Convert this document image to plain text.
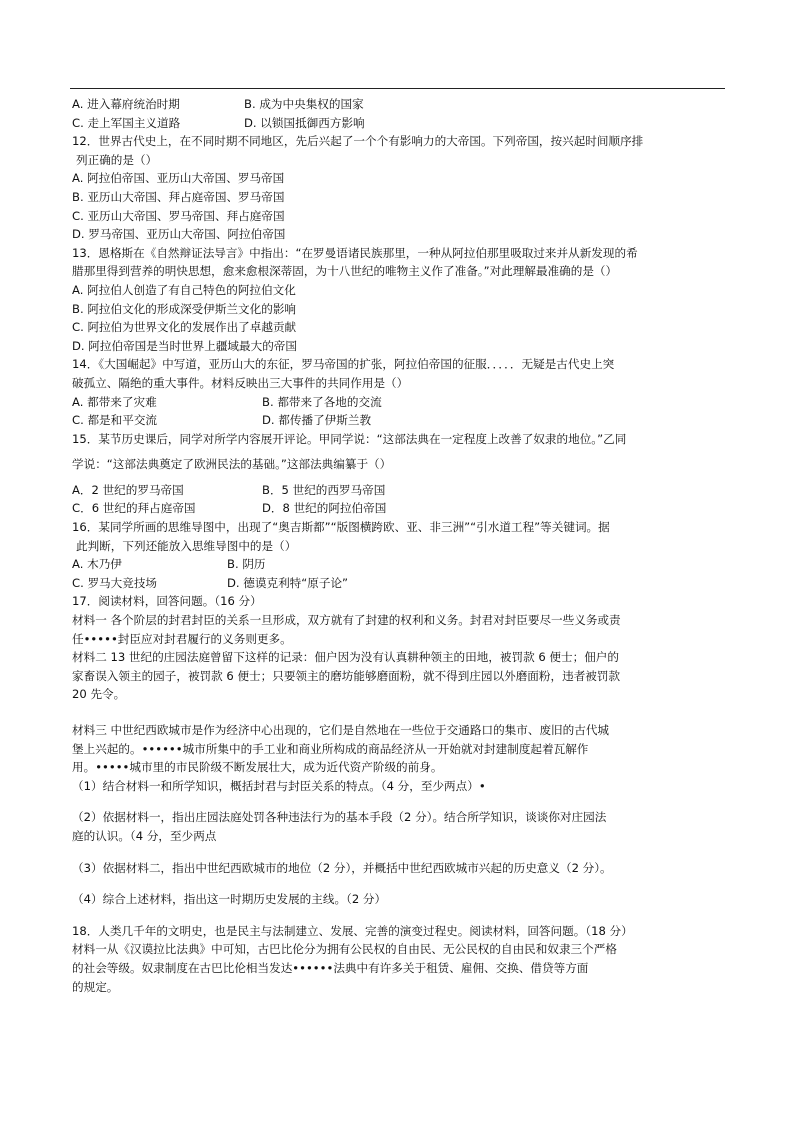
A. 进入幕府统治时期	B. 成为中央集权的国家
C. 走上军国主义道路	D. 以锁国抵御西方影响
12．世界古代史上，在不同时期不同地区，先后兴起了一个个有影响力的大帝国。下列帝国，按兴起时间顺序排
列正确的是（）
A. 阿拉伯帝国、亚历山大帝国、罗马帝国
B. 亚历山大帝国、拜占庭帝国、罗马帝国
C. 亚历山大帝国、罗马帝国、拜占庭帝国
D. 罗马帝国、亚历山大帝国、阿拉伯帝国
13．恩格斯在《自然辩证法导言》中指出：“在罗曼语诸民族那里，一种从阿拉伯那里吸取过来并从新发现的希
腊那里得到营养的明快思想，愈来愈根深蒂固，为十八世纪的唯物主义作了准备。”对此理解最准确的是（）
A. 阿拉伯人创造了有自己特色的阿拉伯文化
B. 阿拉伯文化的形成深受伊斯兰文化的影响
C. 阿拉伯为世界文化的发展作出了卓越贡献
D. 阿拉伯帝国是当时世界上疆域最大的帝国
14．《大国崛起》中写道，亚历山大的东征，罗马帝国的扩张，阿拉伯帝国的征服．．．．．无疑是古代史上突
破孤立、隔绝的重大事件。材料反映出三大事件的共同作用是（）
A. 都带来了灾难	B. 都带来了各地的交流
C. 都是和平交流	D. 都传播了伊斯兰教
15．某节历史课后，同学对所学内容展开评论。甲同学说：“这部法典在一定程度上改善了奴隶的地位。”乙同
学说：“这部法典奠定了欧洲民法的基础。”这部法典编纂于（）
A．2 世纪的罗马帝国	B．5 世纪的西罗马帝国
C．6 世纪的拜占庭帝国	D．8 世纪的阿拉伯帝国
16．某同学所画的思维导图中，出现了“奥吉斯都”“版图横跨欧、亚、非三洲”“引水道工程”等关键词。据
此判断，下列还能放入思维导图中的是（）
A. 木乃伊	B. 阴历
C. 罗马大竞技场	D. 德谟克利特“原子论”
17．阅读材料，回答问题。（16 分）
材料一 各个阶层的封君封臣的关系一旦形成，双方就有了封建的权利和义务。封君对封臣要尽一些义务或责
任•••••封臣应对封君履行的义务则更多。
材料二 13 世纪的庄园法庭曾留下这样的记录：佃户因为没有认真耕种领主的田地，被罚款 6 便士；佃户的
家畜误入领主的园子，被罚款 6 便士；只要领主的磨坊能够磨面粉，就不得到庄园以外磨面粉，违者被罚款
20 先令。
材料三 中世纪西欧城市是作为经济中心出现的，它们是自然地在一些位于交通路口的集市、废旧的古代城
堡上兴起的。••••••城市所集中的手工业和商业所构成的商品经济从一开始就对封建制度起着瓦解作
用。•••••城市里的市民阶级不断发展壮大，成为近代资产阶级的前身。
（1）结合材料一和所学知识，概括封君与封臣关系的特点。（4 分，至少两点）•
（2）依据材料一，指出庄园法庭处罚各种违法行为的基本手段（2 分）。结合所学知识，谈谈你对庄园法
庭的认识。（4 分，至少两点
（3）依据材料二，指出中世纪西欧城市的地位（2 分），并概括中世纪西欧城市兴起的历史意义（2 分）。
（4）综合上述材料，指出这一时期历史发展的主线。（2 分）
18．人类几千年的文明史，也是民主与法制建立、发展、完善的演变过程史。阅读材料，回答问题。（18 分）
材料一从《汉谟拉比法典》中可知，古巴比伦分为拥有公民权的自由民、无公民权的自由民和奴隶三个严格
的社会等级。奴隶制度在古巴比伦相当发达••••••法典中有许多关于租赁、雇佣、交换、借贷等方面
的规定。
